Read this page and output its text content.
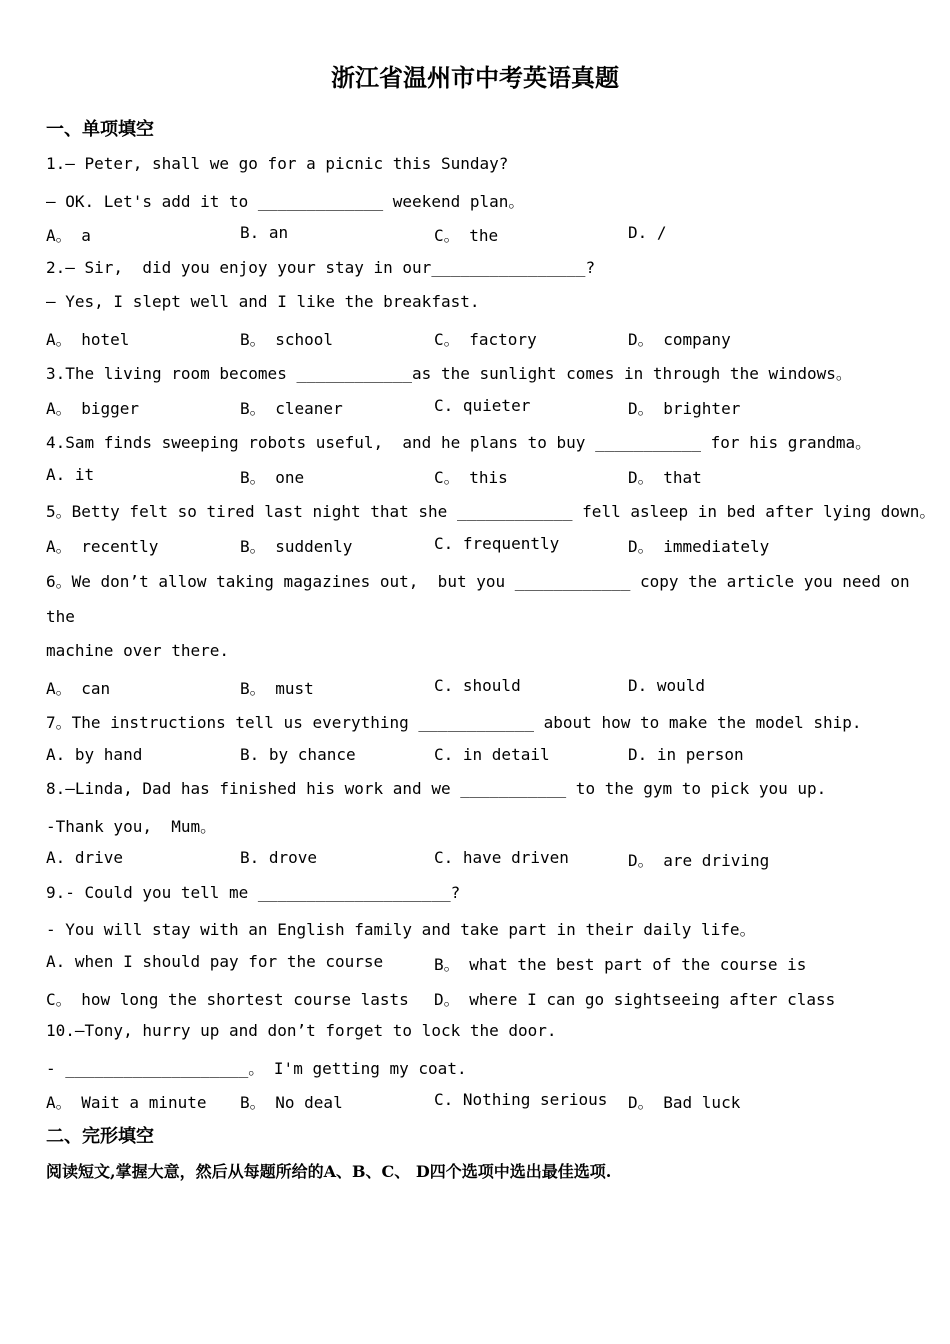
浙江省温州市中考英语真题
一、单项填空
1.— Peter, shall we go for a picnic this Sunday?
— OK. Let's add it to _____________ weekend plan。
A。 a	B. an	C。 the	D. /
2.— Sir,  did you enjoy your stay in our________________?
— Yes, I slept well and I like the breakfast.
A。 hotel	B。 school	C。 factory	D。 company
3.The living room becomes ____________as the sunlight comes in through the windows。
A。 bigger	B。 cleaner	C. quieter	D。 brighter
4.Sam finds sweeping robots useful,  and he plans to buy ___________ for his grandma。
A. it	B。 one	C。 this	D。 that
5。Betty felt so tired last night that she ____________ fell asleep in bed after lying down。
A。 recently	B。 suddenly	C. frequently	D。 immediately
6。We don’t allow taking magazines out,  but you ____________ copy the article you need on
the
machine over there.
A。 can	B。 must	C. should	D. would
7。The instructions tell us everything ____________ about how to make the model ship.
A. by hand	B. by chance	C. in detail	D. in person
8.–Linda, Dad has finished his work and we ___________ to the gym to pick you up.
-Thank you,  Mum。
A. drive	B. drove	C. have driven	D。 are driving
9.- Could you tell me ____________________?
- You will stay with an English family and take part in their daily life。
A. when I should pay for the course	B。 what the best part of the course is
C。 how long the shortest course lasts D。 where I can go sightseeing after class
10.–Tony, hurry up and don’t forget to lock the door.
- ___________________。 I'm getting my coat.
A。 Wait a minute B。 No deal	C. Nothing serious D。 Bad luck
二、完形填空
阅读短文,掌握大意，然后从每题所给的A、B、C、 D四个选项中选出最佳选项.
